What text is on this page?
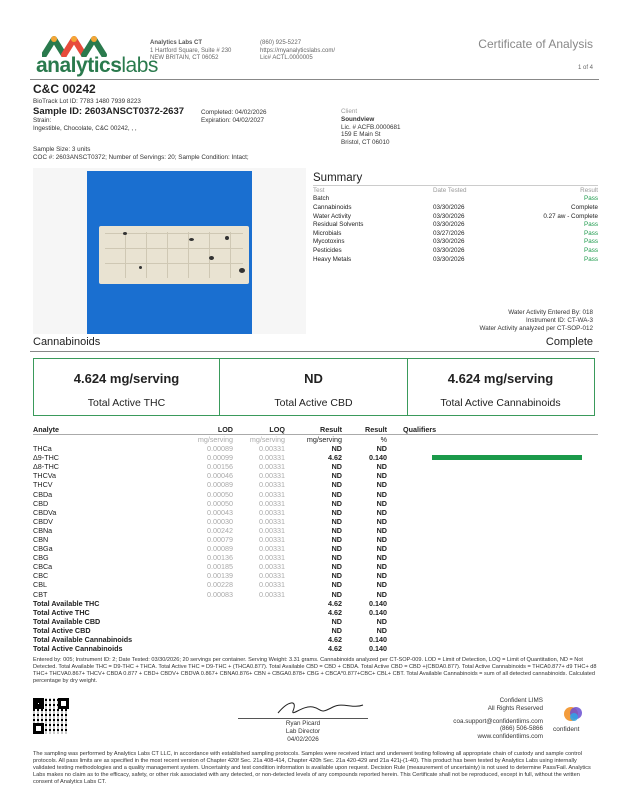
analyticslabs
Analytics Labs CT
1 Hartford Square, Suite # 230
NEW BRITAIN, CT 06052
(860) 925-5227
https://myanalyticslabs.com/
Lic# ACTL.0000005
Certificate of Analysis
1 of 4
C&C 00242
BioTrack Lot ID: 7783 1480 7939 8223
Sample ID: 2603ANSCT0372-2637
Strain:
Ingestible, Chocolate, C&C 00242, , ,
Completed: 04/02/2026
Expiration: 04/02/2027
Client
Soundview
Lic. # ACFB.0000681
159 E Main St
Bristol, CT 06010
Sample Size: 3 units
COC #: 2603ANSCT0372; Number of Servings: 20; Sample Condition: Intact;
Summary
Test	Date Tested	Result
Batch		Pass
Cannabinoids	03/30/2026	Complete
Water Activity	03/30/2026	0.27 aw - Complete
Residual Solvents	03/30/2026	Pass
Microbials	03/27/2026	Pass
Mycotoxins	03/30/2026	Pass
Pesticides	03/30/2026	Pass
Heavy Metals	03/30/2026	Pass
Water Activity Entered By: 018
Instrument ID: CT-WA-3
Water Activity analyzed per CT-SOP-012
Cannabinoids	Complete
4.624 mg/serving
Total Active THC
ND
Total Active CBD
4.624 mg/serving
Total Active Cannabinoids
Analyte	LOD	LOQ	Result	Result	Qualifiers
	mg/serving	mg/serving	mg/serving	%	
THCa	0.00089	0.00331	ND	ND	
Δ9-THC	0.00099	0.00331	4.62	0.140	

Δ8-THC	0.00156	0.00331	ND	ND	
THCVa	0.00046	0.00331	ND	ND	
THCV	0.00089	0.00331	ND	ND	
CBDa	0.00050	0.00331	ND	ND	
CBD	0.00050	0.00331	ND	ND	
CBDVa	0.00043	0.00331	ND	ND	
CBDV	0.00030	0.00331	ND	ND	
CBNa	0.00242	0.00331	ND	ND	
CBN	0.00079	0.00331	ND	ND	
CBGa	0.00089	0.00331	ND	ND	
CBG	0.00136	0.00331	ND	ND	
CBCa	0.00185	0.00331	ND	ND	
CBC	0.00139	0.00331	ND	ND	
CBL	0.00228	0.00331	ND	ND	
CBT	0.00083	0.00331	ND	ND	
Total Available THC			4.62	0.140	
Total Active THC			4.62	0.140	
Total Available CBD			ND	ND	
Total Active CBD			ND	ND	
Total Available Cannabinoids			4.62	0.140	
Total Active Cannabinoids			4.62	0.140	
Entered by: 005; Instrument ID: 2; Date Tested: 03/30/2026; 20 servings per container. Serving Weight: 3.31 grams. Cannabinoids analyzed per CT-SOP-009. LOD = Limit of Detection, LOQ = Limit of Quantitation, ND = Not Detected. Total Available THC = D9-THC + THCA. Total Active THC = D9-THC + (THCA0.877). Total Available CBD = CBD + CBDA. Total Active CBD = CBD +(CBDA0.877). Total Active Cannabinoids = THCA0.877+ d9 THC+ d8 THC+ THCVA0.867+ THCV+ CBDA 0.877 + CBD+ CBDV+ CBDVA 0.867+ CBNA0.876+ CBN + CBGA0.878+ CBG + CBCA*0.877+CBC+ CBL+ CBT. Total Available Cannabinoids = sum of all detected cannabinoids. Calculated percentage by dry weight.
Ryan Picard
Lab Director
04/02/2026
Confident LIMS
All Rights Reserved
coa.support@confidentlims.com
(866) 506-5866
www.confidentlims.com
confident
The sampling was performed by Analytics Labs CT LLC, in accordance with established sampling protocols. Samples were received intact and underwent testing following all appropriate chain of custody and sample control protocols. All pass limits are as specified in the most recent version of Chapter 420f Sec. 21a 408-414, Chapter 420h Sec. 21a 420-429 and 21a 421j-(1-40). This product has been tested by Analytics Labs using internally validated testing methodologies and a quality management system. Uncertainty and test condition information is available upon request. Decision Rule (measurement of uncertainty) is not used to determine Pass/Fail. Analytics Labs makes no claim as to the efficacy, safety, or other risk associated with any detected, or non-detected levels of any compounds reported herein. This Certificate shall not be reproduced, except in full, without the written consent of Analytics Labs CT.
